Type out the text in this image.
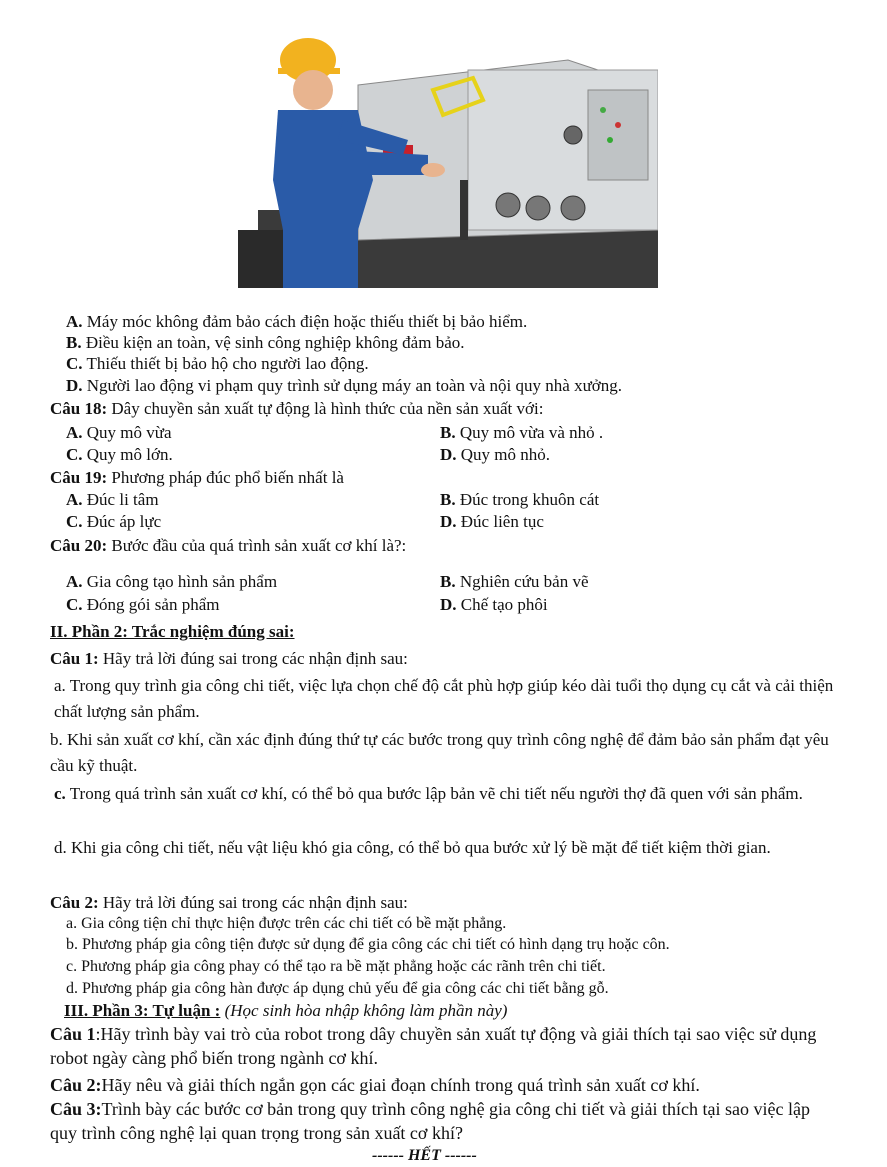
A. Máy móc không đảm bảo cách điện hoặc thiếu thiết bị bảo hiểm.
B. Điều kiện an toàn, vệ sinh công nghiệp không đảm bảo.
C. Thiếu thiết bị bảo hộ cho người lao động.
D. Người lao động vi phạm quy trình sử dụng máy an toàn và nội quy nhà xưởng.
Câu 18: Dây chuyền sản xuất tự động là hình thức của nền sản xuất với:
A. Quy mô vừa	B. Quy mô vừa và nhỏ .
C. Quy mô lớn.	D. Quy mô nhỏ.
Câu 19: Phương pháp đúc phổ biến nhất là
A. Đúc li tâm	B. Đúc trong khuôn cát
C. Đúc áp lực	D. Đúc liên tục
Câu 20: Bước đầu của quá trình sản xuất cơ khí là?:
A. Gia công tạo hình sản phẩm	B. Nghiên cứu bản vẽ
C. Đóng gói sản phẩm	D. Chế tạo phôi
II. Phần 2: Trắc nghiệm đúng sai:
Câu 1: Hãy trả lời đúng sai trong các nhận định sau:
a. Trong quy trình gia công chi tiết, việc lựa chọn chế độ cắt phù hợp giúp kéo dài tuổi thọ dụng cụ cắt và cải thiện chất lượng sản phẩm.
b. Khi sản xuất cơ khí, cần xác định đúng thứ tự các bước trong quy trình công nghệ để đảm bảo sản phẩm đạt yêu cầu kỹ thuật.
c. Trong quá trình sản xuất cơ khí, có thể bỏ qua bước lập bản vẽ chi tiết nếu người thợ đã quen với sản phẩm.
d. Khi gia công chi tiết, nếu vật liệu khó gia công, có thể bỏ qua bước xử lý bề mặt để tiết kiệm thời gian.
Câu 2: Hãy trả lời đúng sai trong các nhận định sau:
a. Gia công tiện chỉ thực hiện được trên các chi tiết có bề mặt phẳng.
b. Phương pháp gia công tiện được sử dụng để gia công các chi tiết có hình dạng trụ hoặc côn.
c. Phương pháp gia công phay có thể tạo ra bề mặt phẳng hoặc các rãnh trên chi tiết.
d. Phương pháp gia công hàn được áp dụng chủ yếu để gia công các chi tiết bằng gỗ.
III. Phần 3: Tự luận : (Học sinh hòa nhập không làm phần này)
Câu 1:Hãy trình bày vai trò của robot trong dây chuyền sản xuất tự động và giải thích tại sao việc sử dụng robot ngày càng phổ biến trong ngành cơ khí.
Câu 2:Hãy nêu và giải thích ngắn gọn các giai đoạn chính trong quá trình sản xuất cơ khí.
Câu 3:Trình bày các bước cơ bản trong quy trình công nghệ gia công chi tiết và giải thích tại sao việc lập quy trình công nghệ lại quan trọng trong sản xuất cơ khí?
------ HẾT ------
